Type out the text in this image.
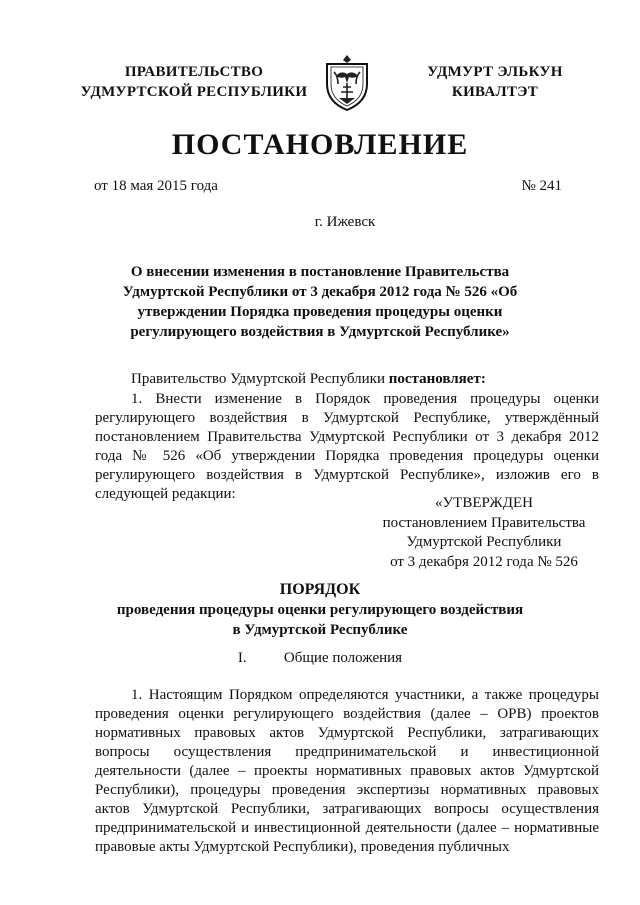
ПРАВИТЕЛЬСТВО
УДМУРТСКОЙ РЕСПУБЛИКИ
УДМУРТ ЭЛЬКУН
КИВАЛТЭТ
ПОСТАНОВЛЕНИЕ
от 18 мая 2015 года	№ 241
г. Ижевск
О внесении изменения в постановление Правительства Удмуртской Республики от 3 декабря 2012 года № 526 «Об утверждении Порядка проведения процедуры оценки регулирующего воздействия в Удмуртской Республике»
Правительство Удмуртской Республики постановляет:
1. Внести изменение в Порядок проведения процедуры оценки регулирующего воздействия в Удмуртской Республике, утверждённый постановлением Правительства Удмуртской Республики от 3 декабря 2012 года № 526 «Об утверждении Порядка проведения процедуры оценки регулирующего воздействия в Удмуртской Республике», изложив его в следующей редакции:
«УТВЕРЖДЕН
постановлением Правительства
Удмуртской Республики
от 3 декабря 2012 года № 526
ПОРЯДОК
проведения процедуры оценки регулирующего воздействия
в Удмуртской Республике
I. Общие положения
1. Настоящим Порядком определяются участники, а также процедуры проведения оценки регулирующего воздействия (далее – ОРВ) проектов нормативных правовых актов Удмуртской Республики, затрагивающих вопросы осуществления предпринимательской и инвестиционной деятельности (далее – проекты нормативных правовых актов Удмуртской Республики), процедуры проведения экспертизы нормативных правовых актов Удмуртской Республики, затрагивающих вопросы осуществления предпринимательской и инвестиционной деятельности (далее – нормативные правовые акты Удмуртской Республики), проведения публичных
